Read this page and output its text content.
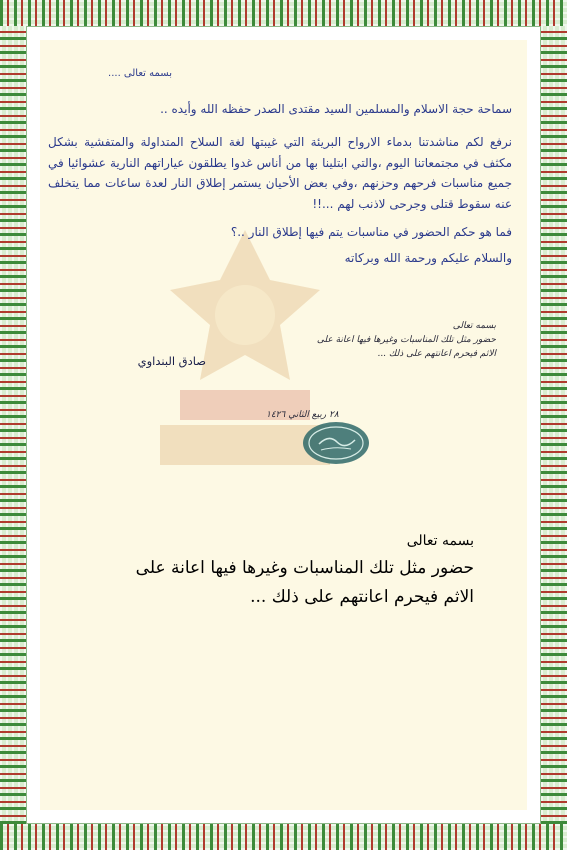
بسمه تعالى ....
سماحة حجة الاسلام والمسلمين السيد مقتدى الصدر حفظه الله وأيده ..
نرفع لكم مناشدتنا بدماء الارواح البريئة التي غيبتها لغة السلاح المتداولة والمتفشية بشكل مكثف في مجتمعاتنا اليوم ،والتي ابتلينا بها من أناس غدوا يطلقون عياراتهم النارية عشوائيا في جميع مناسبات فرحهم وحزنهم ،وفي بعض الأحيان يستمر إطلاق النار لعدة ساعات مما يتخلف عنه سقوط قتلى وجرحى لاذنب لهم ...!!
فما هو حكم الحضور في مناسبات يتم فيها إطلاق النار ..؟
والسلام عليكم ورحمة الله وبركاته
صادق البنداوي
بسمه تعالى
حضور مثل تلك المناسبات وغيرها فيها اعانة على
الاثم فيحرم اعانتهم على ذلك ...
٢٨ ربيع الثاني ١٤٢٦
بسمه تعالى
حضور مثل تلك المناسبات وغيرها فيها اعانة على
الاثم فيحرم اعانتهم على ذلك ...
